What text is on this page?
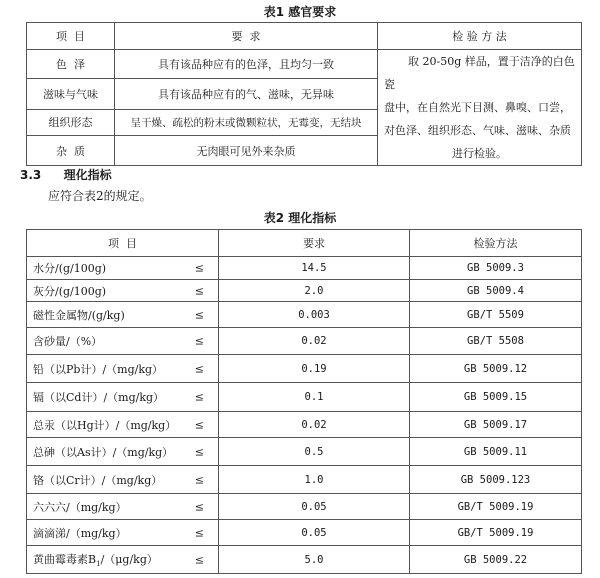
表1 感官要求
项  目	要  求	检 验 方 法
色  泽	具有该品种应有的色泽，且均匀一致	取 20-50g 样品，置于洁净的白色瓷
盘中，在自然光下目测、鼻嗅、口尝，
对色泽、组织形态、气味、滋味、杂质
进行检验。

滋味与气味	具有该品种应有的气、滋味，无异味	
组织形态	呈干燥、疏松的粉末或微颗粒状，无霉变，无结块	
杂  质	无肉眼可见外来杂质	
3.3 理化指标
应符合表2的规定。
表2 理化指标
项  目	要求	检验方法
水分/(g/100g) ≤	14.5	GB 5009.3
灰分/(g/100g) ≤	2.0	GB 5009.4
磁性金属物/(g/kg) ≤	0.003	GB/T 5509
含砂量/（%） ≤	0.02	GB/T 5508
铅（以Pb计）/（mg/kg） ≤	0.19	GB 5009.12
镉（以Cd计）/（mg/kg） ≤	0.1	GB 5009.15
总汞（以Hg计）/（mg/kg） ≤	0.02	GB 5009.17
总砷（以As计）/（mg/kg） ≤	0.5	GB 5009.11
铬（以Cr计）/（mg/kg） ≤	1.0	GB 5009.123
六六六/（mg/kg） ≤	0.05	GB/T 5009.19
滴滴涕/（mg/kg） ≤	0.05	GB/T 5009.19
黄曲霉毒素$B_1/(\mu g/kg)$ ≤	5.0	GB 5009.22
